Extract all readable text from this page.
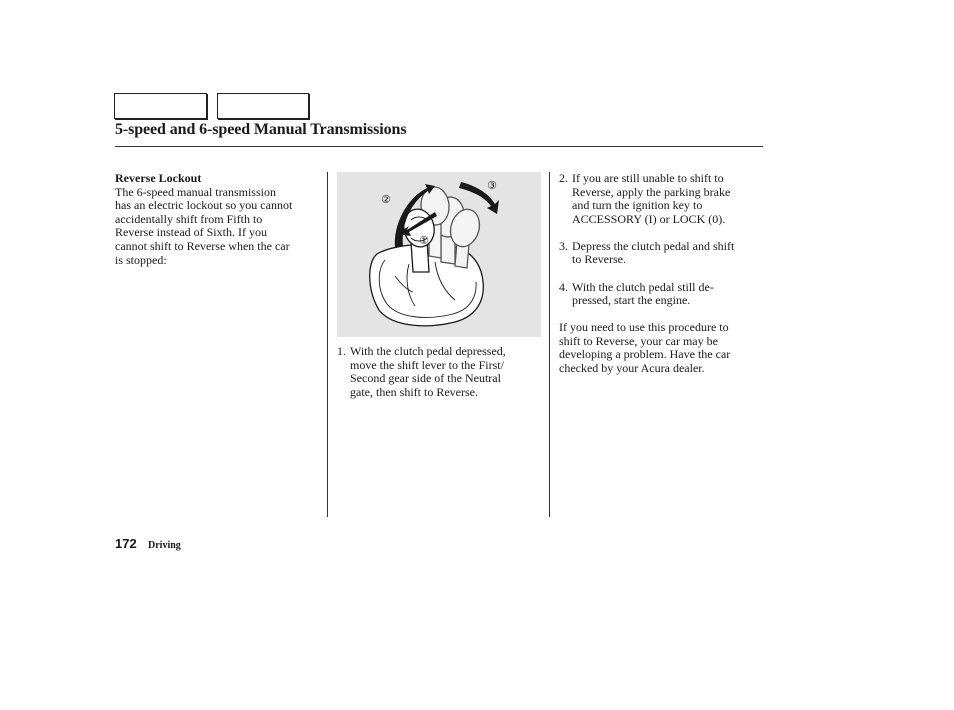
5-speed and 6-speed Manual Transmissions
Reverse Lockout
The 6-speed manual transmission
has an electric lockout so you cannot
accidentally shift from Fifth to
Reverse instead of Sixth. If you
cannot shift to Reverse when the car
is stopped:
①
②
③
1. With the clutch pedal depressed,
move the shift lever to the First/
Second gear side of the Neutral
gate, then shift to Reverse.
2. If you are still unable to shift to
Reverse, apply the parking brake
and turn the ignition key to
ACCESSORY (I) or LOCK (0).
3. Depress the clutch pedal and shift
to Reverse.
4. With the clutch pedal still de-
pressed, start the engine.
If you need to use this procedure to
shift to Reverse, your car may be
developing a problem. Have the car
checked by your Acura dealer.
172 Driving
